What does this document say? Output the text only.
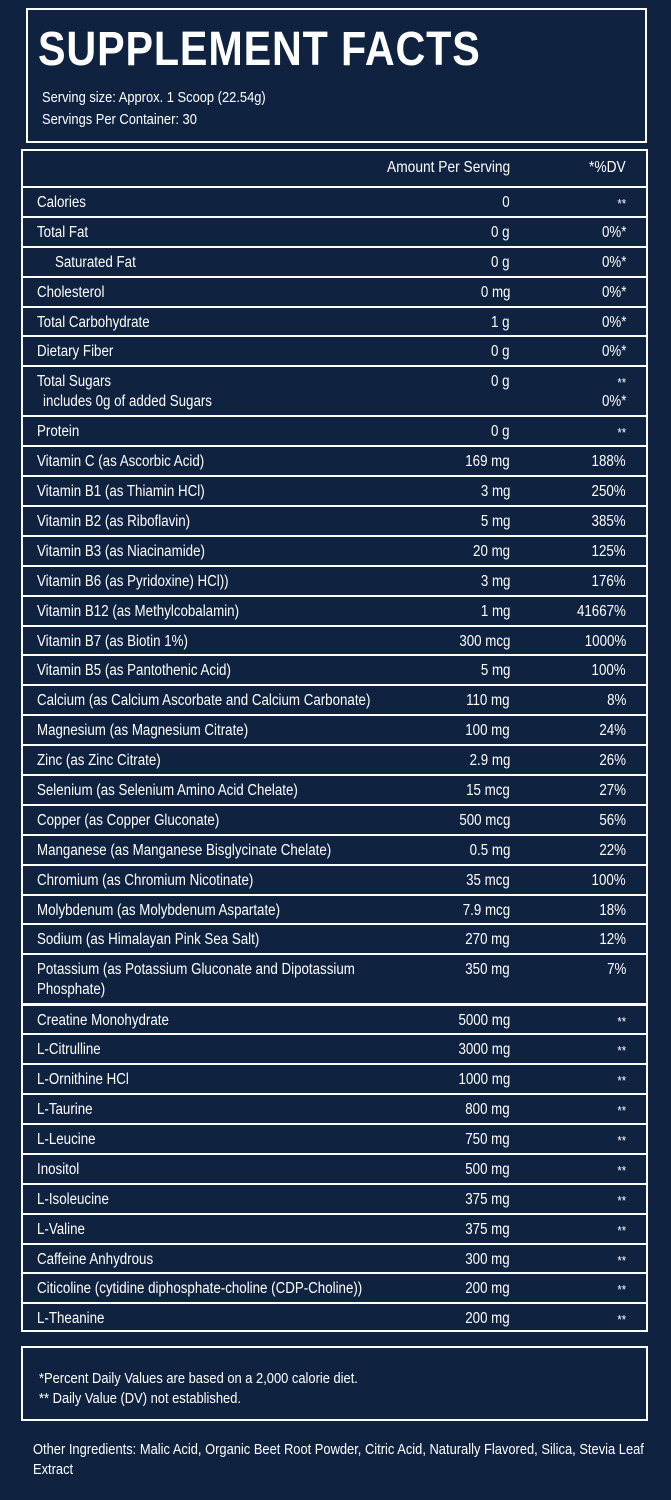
SUPPLEMENT FACTS
Serving size: Approx. 1 Scoop (22.54g)
Servings Per Container: 30
Amount Per Serving	*%DV
Calories	0	**
Total Fat	0 g	0%*
Saturated Fat	0 g	0%*
Cholesterol	0 mg	0%*
Total Carbohydrate	1 g	0%*
Dietary Fiber	0 g	0%*
Total Sugars	0 g	**
includes 0g of added Sugars	0%*
Protein	0 g	**
Vitamin C (as Ascorbic Acid)	169 mg	188%
Vitamin B1 (as Thiamin HCl)	3 mg	250%
Vitamin B2 (as Riboflavin)	5 mg	385%
Vitamin B3 (as Niacinamide)	20 mg	125%
Vitamin B6 (as Pyridoxine) HCl))	3 mg	176%
Vitamin B12 (as Methylcobalamin)	1 mg	41667%
Vitamin B7 (as Biotin 1%)	300 mcg	1000%
Vitamin B5 (as Pantothenic Acid)	5 mg	100%
Calcium (as Calcium Ascorbate and Calcium Carbonate)	110 mg	8%
Magnesium (as Magnesium Citrate)	100 mg	24%
Zinc (as Zinc Citrate)	2.9 mg	26%
Selenium (as Selenium Amino Acid Chelate)	15 mcg	27%
Copper (as Copper Gluconate)	500 mcg	56%
Manganese (as Manganese Bisglycinate Chelate)	0.5 mg	22%
Chromium (as Chromium Nicotinate)	35 mcg	100%
Molybdenum (as Molybdenum Aspartate)	7.9 mcg	18%
Sodium (as Himalayan Pink Sea Salt)	270 mg	12%
Potassium (as Potassium Gluconate and Dipotassium
Phosphate)
350 mg	7%
Creatine Monohydrate	5000 mg	**
L-Citrulline	3000 mg	**
L-Ornithine HCl	1000 mg	**
L-Taurine	800 mg	**
L-Leucine	750 mg	**
Inositol	500 mg	**
L-Isoleucine	375 mg	**
L-Valine	375 mg	**
Caffeine Anhydrous	300 mg	**
Citicoline (cytidine diphosphate-choline (CDP-Choline))	200 mg	**
L-Theanine	200 mg	**
*Percent Daily Values are based on a 2,000 calorie diet.
** Daily Value (DV) not established.
Other Ingredients: Malic Acid, Organic Beet Root Powder, Citric Acid, Naturally Flavored, Silica, Stevia Leaf Extract
